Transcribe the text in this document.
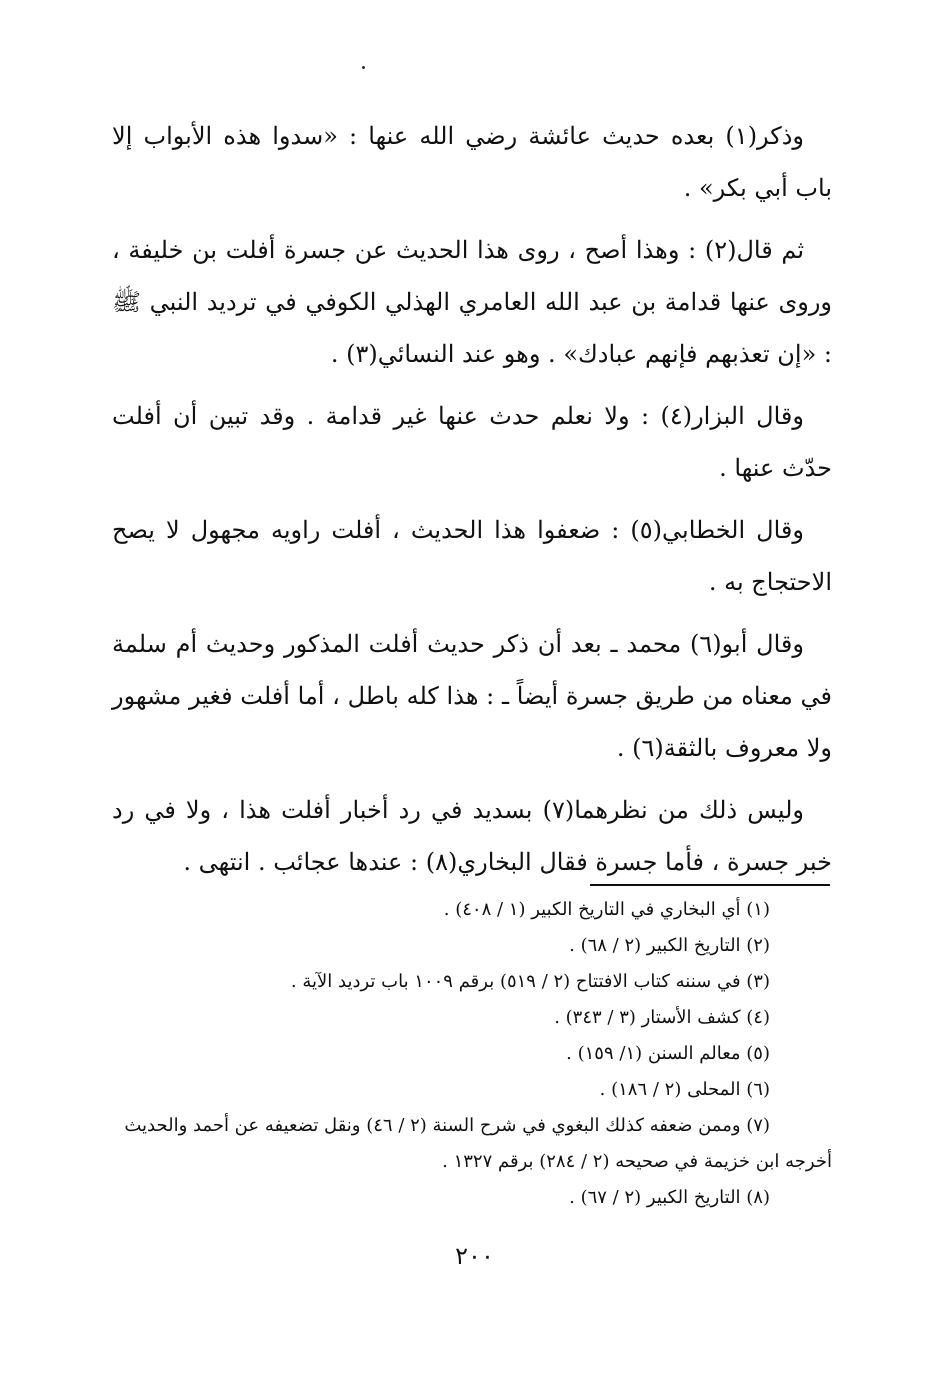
وذكر(١) بعده حديث عائشة رضي الله عنها : «سدوا هذه الأبواب إلا باب أبي بكر» .

ثم قال(٢) : وهذا أصح ، روى هذا الحديث عن جسرة أفلت بن خليفة ، وروى عنها قدامة بن عبد الله العامري الهذلي الكوفي في ترديد النبي ﷺ : «إن تعذبهم فإنهم عبادك» . وهو عند النسائي(٣) .

وقال البزار(٤) : ولا نعلم حدث عنها غير قدامة . وقد تبين أن أفلت حدّث عنها .

وقال الخطابي(٥) : ضعفوا هذا الحديث ، أفلت راويه مجهول لا يصح الاحتجاج به .

وقال أبو(٦) محمد ـ بعد أن ذكر حديث أفلت المذكور وحديث أم سلمة في معناه من طريق جسرة أيضاً ـ : هذا كله باطل ، أما أفلت فغير مشهور ولا معروف بالثقة(٦) .

وليس ذلك من نظرهما(٧) بسديد في رد أخبار أفلت هذا ، ولا في رد خبر جسرة ، فأما جسرة فقال البخاري(٨) : عندها عجائب . انتهى .

(١) أي البخاري في التاريخ الكبير (١ / ٤٠٨) .

(٢) التاريخ الكبير (٢ / ٦٨) .

(٣) في سننه كتاب الافتتاح (٢ / ٥١٩) برقم ١٠٠٩ باب ترديد الآية .

(٤) كشف الأستار (٣ / ٣٤٣) .

(٥) معالم السنن (١/ ١٥٩) .

(٦) المحلى (٢ / ١٨٦) .

(٧) وممن ضعفه كذلك البغوي في شرح السنة (٢ / ٤٦) ونقل تضعيفه عن أحمد والحديث

أخرجه ابن خزيمة في صحيحه (٢ / ٢٨٤) برقم ١٣٢٧ .

(٨) التاريخ الكبير (٢ / ٦٧) .

٢٠٠
